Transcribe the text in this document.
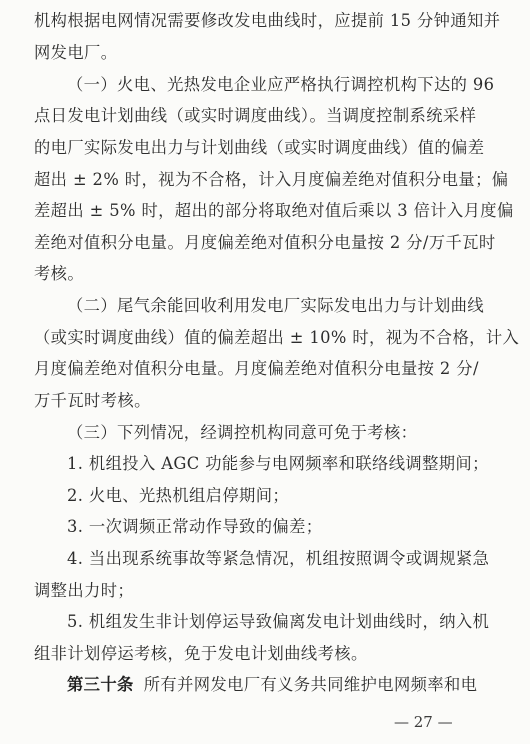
机构根据电网情况需要修改发电曲线时，应提前 15 分钟通知并
网发电厂。
（一）火电、光热发电企业应严格执行调控机构下达的 96
点日发电计划曲线（或实时调度曲线）。当调度控制系统采样
的电厂实际发电出力与计划曲线（或实时调度曲线）值的偏差
超出 ± 2% 时，视为不合格，计入月度偏差绝对值积分电量；偏
差超出 ± 5% 时，超出的部分将取绝对值后乘以 3 倍计入月度偏
差绝对值积分电量。月度偏差绝对值积分电量按 2 分/万千瓦时
考核。
（二）尾气余能回收利用发电厂实际发电出力与计划曲线
（或实时调度曲线）值的偏差超出 ± 10% 时，视为不合格，计入
月度偏差绝对值积分电量。月度偏差绝对值积分电量按 2 分/
万千瓦时考核。
（三）下列情况，经调控机构同意可免于考核：
1. 机组投入 AGC 功能参与电网频率和联络线调整期间；
2. 火电、光热机组启停期间；
3. 一次调频正常动作导致的偏差；
4. 当出现系统事故等紧急情况，机组按照调令或调规紧急
调整出力时；
5. 机组发生非计划停运导致偏离发电计划曲线时，纳入机
组非计划停运考核，免于发电计划曲线考核。
第三十条 所有并网发电厂有义务共同维护电网频率和电
— 27 —
